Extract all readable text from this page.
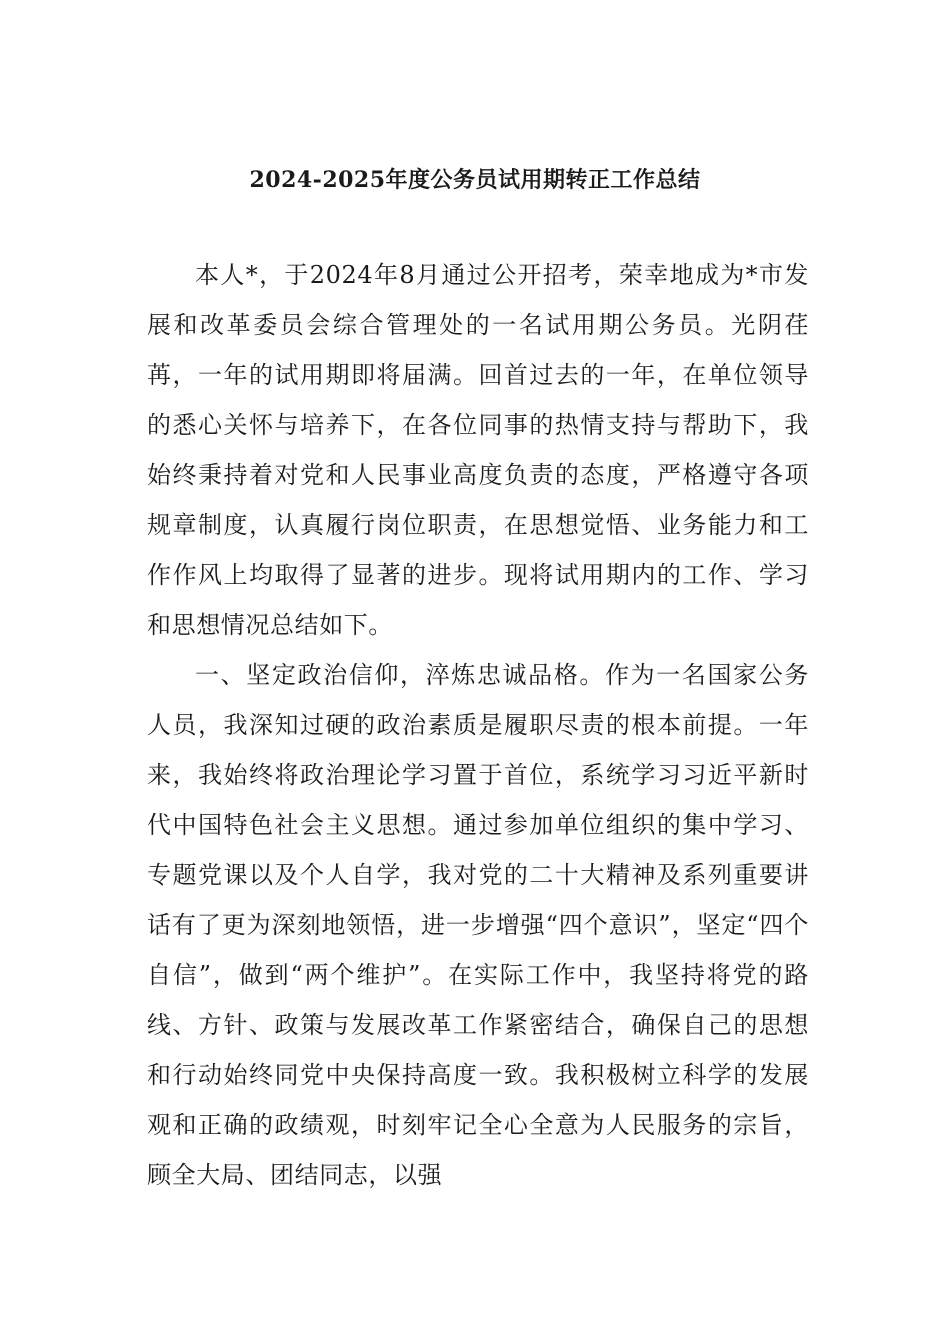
2024-2025年度公务员试用期转正工作总结

本人*，于2024年8月通过公开招考，荣幸地成为*市发展和改革委员会综合管理处的一名试用期公务员。光阴荏苒，一年的试用期即将届满。回首过去的一年，在单位领导的悉心关怀与培养下，在各位同事的热情支持与帮助下，我始终秉持着对党和人民事业高度负责的态度，严格遵守各项规章制度，认真履行岗位职责，在思想觉悟、业务能力和工作作风上均取得了显著的进步。现将试用期内的工作、学习和思想情况总结如下。

一、坚定政治信仰，淬炼忠诚品格。作为一名国家公务人员，我深知过硬的政治素质是履职尽责的根本前提。一年来，我始终将政治理论学习置于首位，系统学习习近平新时代中国特色社会主义思想。通过参加单位组织的集中学习、专题党课以及个人自学，我对党的二十大精神及系列重要讲话有了更为深刻地领悟，进一步增强“四个意识”，坚定“四个自信”，做到“两个维护”。在实际工作中，我坚持将党的路线、方针、政策与发展改革工作紧密结合，确保自己的思想和行动始终同党中央保持高度一致。我积极树立科学的发展观和正确的政绩观，时刻牢记全心全意为人民服务的宗旨，顾全大局、团结同志，以强
